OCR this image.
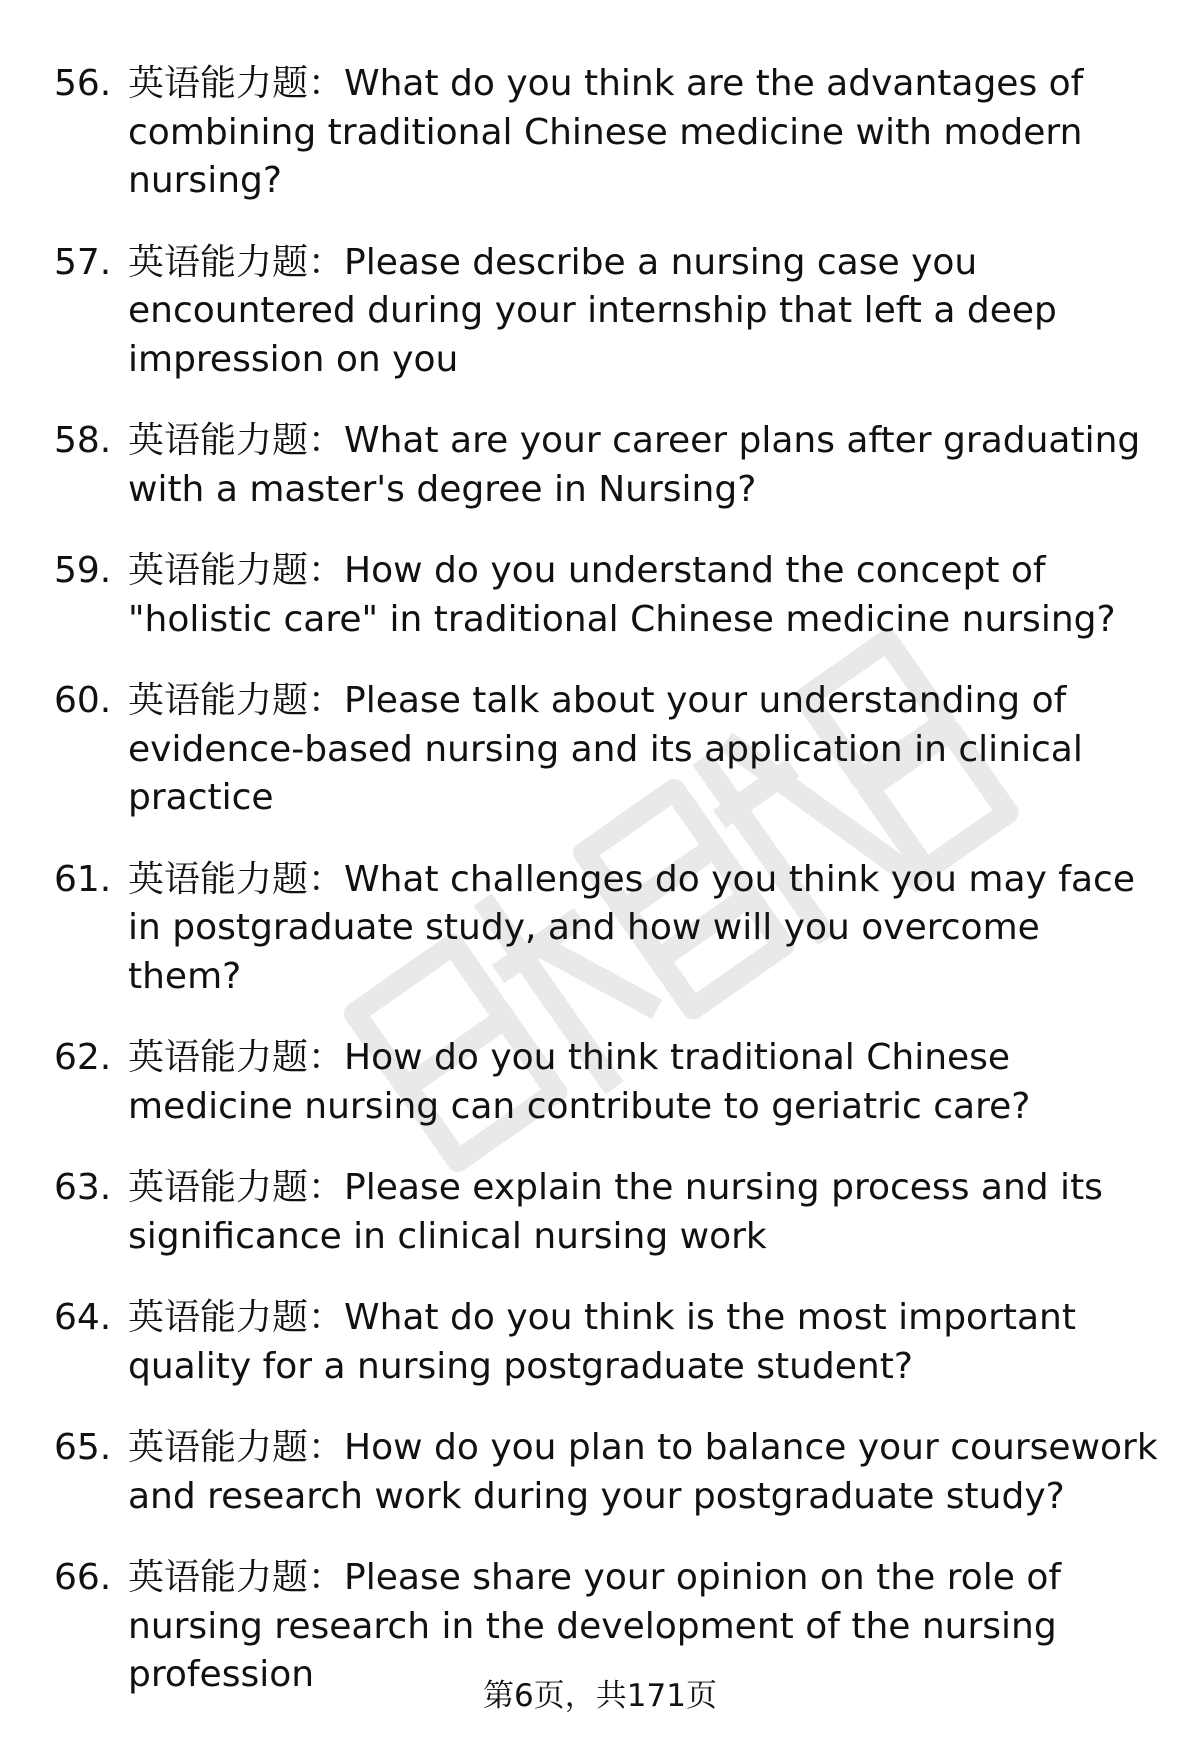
56. 英语能力题：What do you think are the advantages of combining traditional Chinese medicine with modern nursing?
57. 英语能力题：Please describe a nursing case you encountered during your internship that left a deep impression on you
58. 英语能力题：What are your career plans after graduating with a master's degree in Nursing?
59. 英语能力题：How do you understand the concept of "holistic care" in traditional Chinese medicine nursing?
60. 英语能力题：Please talk about your understanding of evidence-based nursing and its application in clinical practice
61. 英语能力题：What challenges do you think you may face in postgraduate study, and how will you overcome them?
62. 英语能力题：How do you think traditional Chinese medicine nursing can contribute to geriatric care?
63. 英语能力题：Please explain the nursing process and its significance in clinical nursing work
64. 英语能力题：What do you think is the most important quality for a nursing postgraduate student?
65. 英语能力题：How do you plan to balance your coursework and research work during your postgraduate study?
66. 英语能力题：Please share your opinion on the role of nursing research in the development of the nursing profession
第6页，共171页
